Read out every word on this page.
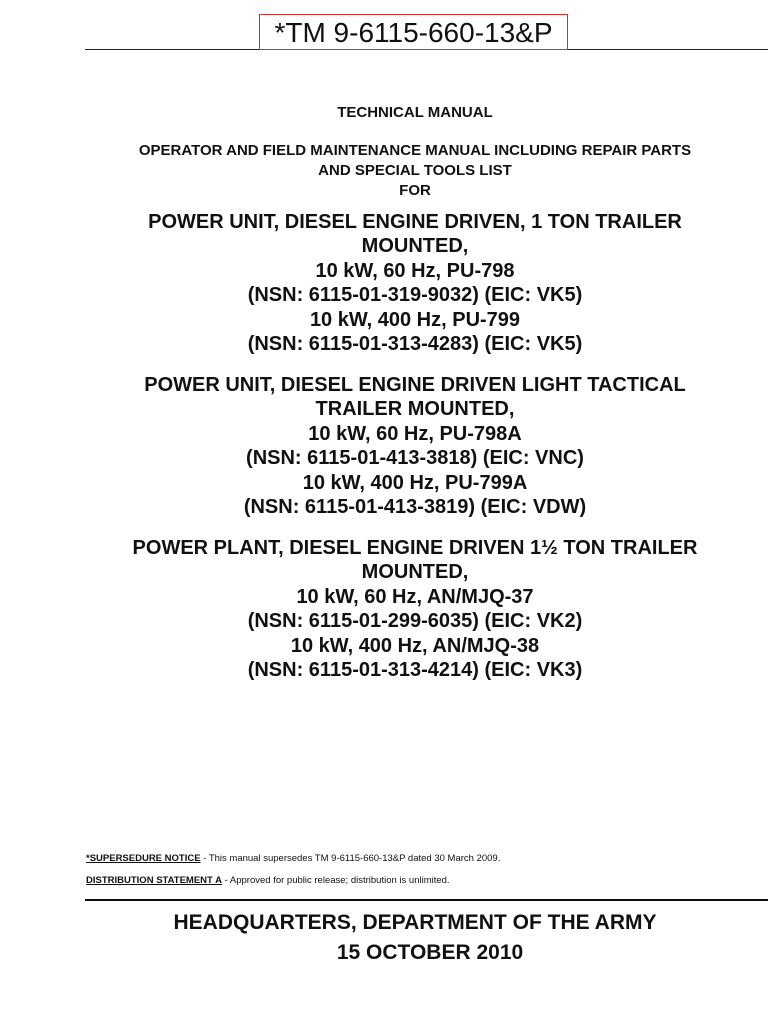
*TM 9-6115-660-13&P
TECHNICAL MANUAL
OPERATOR AND FIELD MAINTENANCE MANUAL INCLUDING REPAIR PARTS
AND SPECIAL TOOLS LIST
FOR
POWER UNIT, DIESEL ENGINE DRIVEN, 1 TON TRAILER
MOUNTED,
10 kW, 60 Hz, PU-798
(NSN: 6115-01-319-9032) (EIC: VK5)
10 kW, 400 Hz, PU-799
(NSN: 6115-01-313-4283) (EIC: VK5)
POWER UNIT, DIESEL ENGINE DRIVEN LIGHT TACTICAL
TRAILER MOUNTED,
10 kW, 60 Hz, PU-798A
(NSN: 6115-01-413-3818) (EIC: VNC)
10 kW, 400 Hz, PU-799A
(NSN: 6115-01-413-3819) (EIC: VDW)
POWER PLANT, DIESEL ENGINE DRIVEN 1½ TON TRAILER
MOUNTED,
10 kW, 60 Hz, AN/MJQ-37
(NSN: 6115-01-299-6035) (EIC: VK2)
10 kW, 400 Hz, AN/MJQ-38
(NSN: 6115-01-313-4214) (EIC: VK3)
*SUPERSEDURE NOTICE - This manual supersedes TM 9-6115-660-13&P dated 30 March 2009.
DISTRIBUTION STATEMENT A - Approved for public release; distribution is unlimited.
HEADQUARTERS, DEPARTMENT OF THE ARMY
15 OCTOBER 2010
